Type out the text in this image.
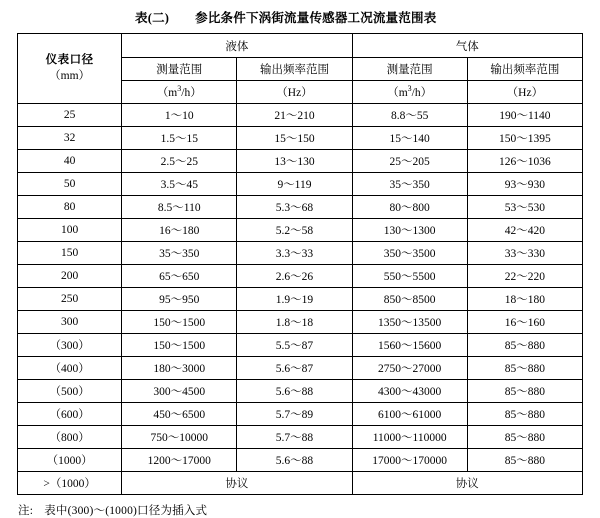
表(二) 参比条件下涡街流量传感器工况流量范围表
仪表口径
（mm）	液体		气体	
	测量范围	输出频率范围	测量范围	输出频率范围
	$(m^3/h)$	（Hz）	$(m^3/h)$	（Hz）
25	1～10	21～210	8.8～55	190～1140
32	1.5～15	15～150	15～140	150～1395
40	2.5～25	13～130	25～205	126～1036
50	3.5～45	9～119	35～350	93～930
80	8.5～110	5.3～68	80～800	53～530
100	16～180	5.2～58	130～1300	42～420
150	35～350	3.3～33	350～3500	33～330
200	65～650	2.6～26	550～5500	22～220
250	95～950	1.9～19	850～8500	18～180
300	150～1500	1.8～18	1350～13500	16～160
（300）	150～1500	5.5～87	1560～15600	85～880
（400）	180～3000	5.6～87	2750～27000	85～880
（500）	300～4500	5.6～88	4300～43000	85～880
（600）	450～6500	5.7～89	6100～61000	85～880
（800）	750～10000	5.7～88	11000～110000	85～880
（1000）	1200～17000	5.6～88	17000～170000	85～880
>（1000）	协议		协议	
注: 表中(300)～(1000)口径为插入式
